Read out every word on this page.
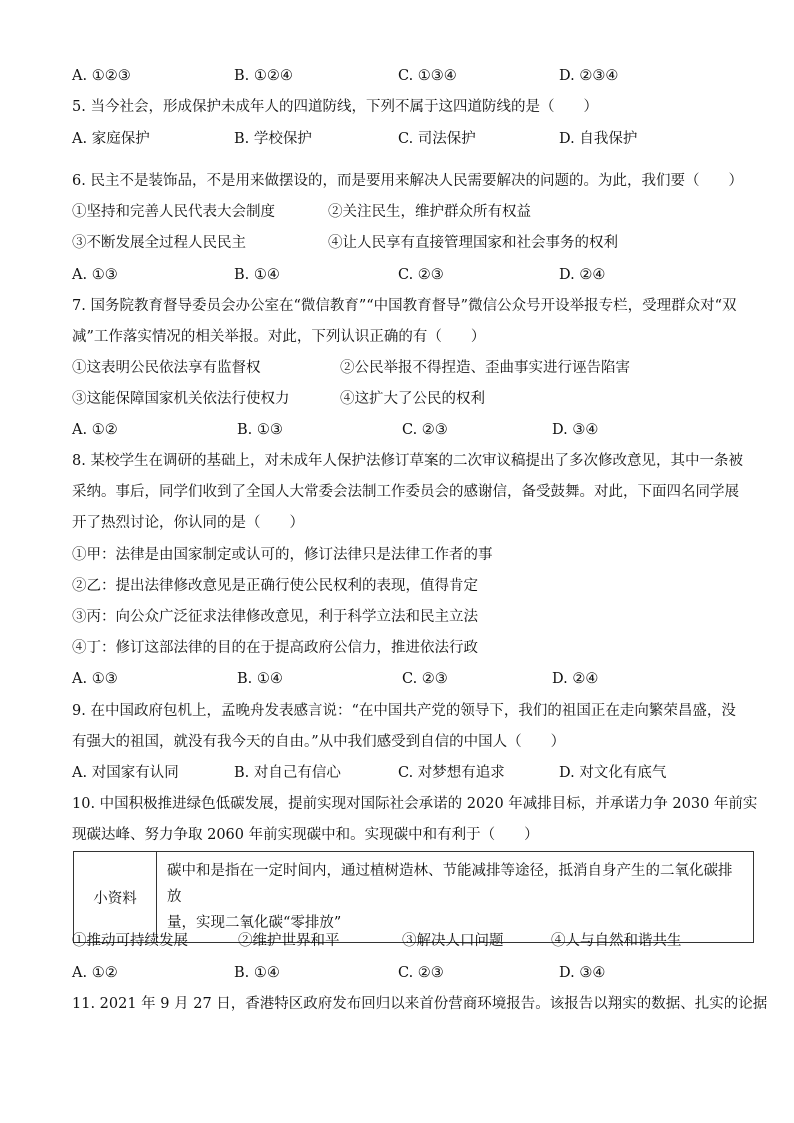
A. ①②③	B. ①②④	C. ①③④	D. ②③④
5. 当今社会，形成保护未成年人的四道防线，下列不属于这四道防线的是（　　）
A. 家庭保护	B. 学校保护	C. 司法保护	D. 自我保护
6. 民主不是装饰品，不是用来做摆设的，而是要用来解决人民需要解决的问题的。为此，我们要（　　）
①坚持和完善人民代表大会制度	②关注民生，维护群众所有权益
③不断发展全过程人民民主	④让人民享有直接管理国家和社会事务的权利
A. ①③	B. ①④	C. ②③	D. ②④
7. 国务院教育督导委员会办公室在“微信教育”“中国教育督导”微信公众号开设举报专栏，受理群众对“双
减”工作落实情况的相关举报。对此，下列认识正确的有（　　）
①这表明公民依法享有监督权	②公民举报不得捏造、歪曲事实进行诬告陷害
③这能保障国家机关依法行使权力	④这扩大了公民的权利
A. ①②	B. ①③	C. ②③	D. ③④
8. 某校学生在调研的基础上，对未成年人保护法修订草案的二次审议稿提出了多次修改意见，其中一条被
采纳。事后，同学们收到了全国人大常委会法制工作委员会的感谢信，备受鼓舞。对此，下面四名同学展
开了热烈讨论，你认同的是（　　）
①甲：法律是由国家制定或认可的，修订法律只是法律工作者的事
②乙：提出法律修改意见是正确行使公民权利的表现，值得肯定
③丙：向公众广泛征求法律修改意见，利于科学立法和民主立法
④丁：修订这部法律的目的在于提高政府公信力，推进依法行政
A. ①③	B. ①④	C. ②③	D. ②④
9. 在中国政府包机上，孟晚舟发表感言说：“在中国共产党的领导下，我们的祖国正在走向繁荣昌盛，没
有强大的祖国，就没有我今天的自由。”从中我们感受到自信的中国人（　　）
A. 对国家有认同	B. 对自己有信心	C. 对梦想有追求	D. 对文化有底气
10. 中国积极推进绿色低碳发展，提前实现对国际社会承诺的 2020 年减排目标，并承诺力争 2030 年前实
现碳达峰、努力争取 2060 年前实现碳中和。实现碳中和有利于（　　）
小资料	
碳中和是指在一定时间内，通过植树造林、节能减排等途径，抵消自身产生的二氧化碳排放
量，实现二氧化碳“零排放”
①推动可持续发展	②维护世界和平	③解决人口问题	④人与自然和谐共生
A. ①②	B. ①④	C. ②③	D. ③④
11. 2021 年 9 月 27 日，香港特区政府发布回归以来首份营商环境报告。该报告以翔实的数据、扎实的论据
